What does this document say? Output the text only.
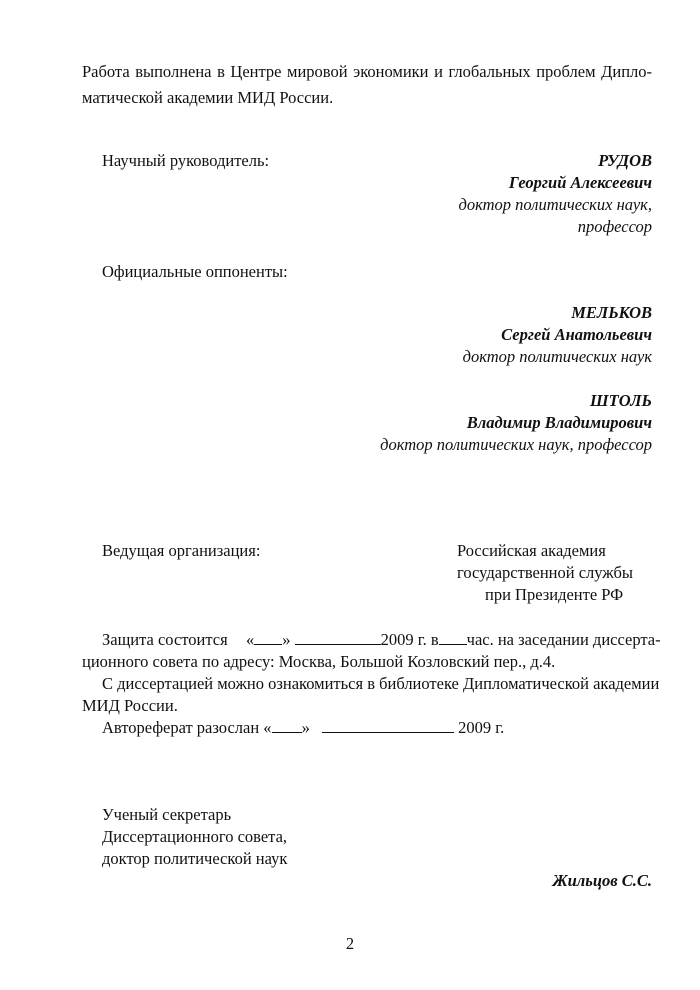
Работа выполнена в Центре мировой экономики и глобальных проблем Дипло-
матической академии МИД России.
Научный руководитель:	РУДОВ
Георгий Алексеевич
доктор политических наук,
профессор
Официальные оппоненты:
МЕЛЬКОВ
Сергей Анатольевич
доктор политических наук
ШТОЛЬ
Владимир Владимирович
доктор политических наук, профессор
Ведущая организация:	Российская академия
государственной службы
при Президенте РФ
Защита состоится « »	2009 г. в час. на заседании диссерта-
ционного совета по адресу: Москва, Большой Козловский пер., д.4.
С диссертацией можно ознакомиться в библиотеке Дипломатической академии
МИД России.
Автореферат разослан « »	2009 г.
Ученый секретарь
Диссертационного совета,
доктор политической наук
Жильцов С.С.
2
